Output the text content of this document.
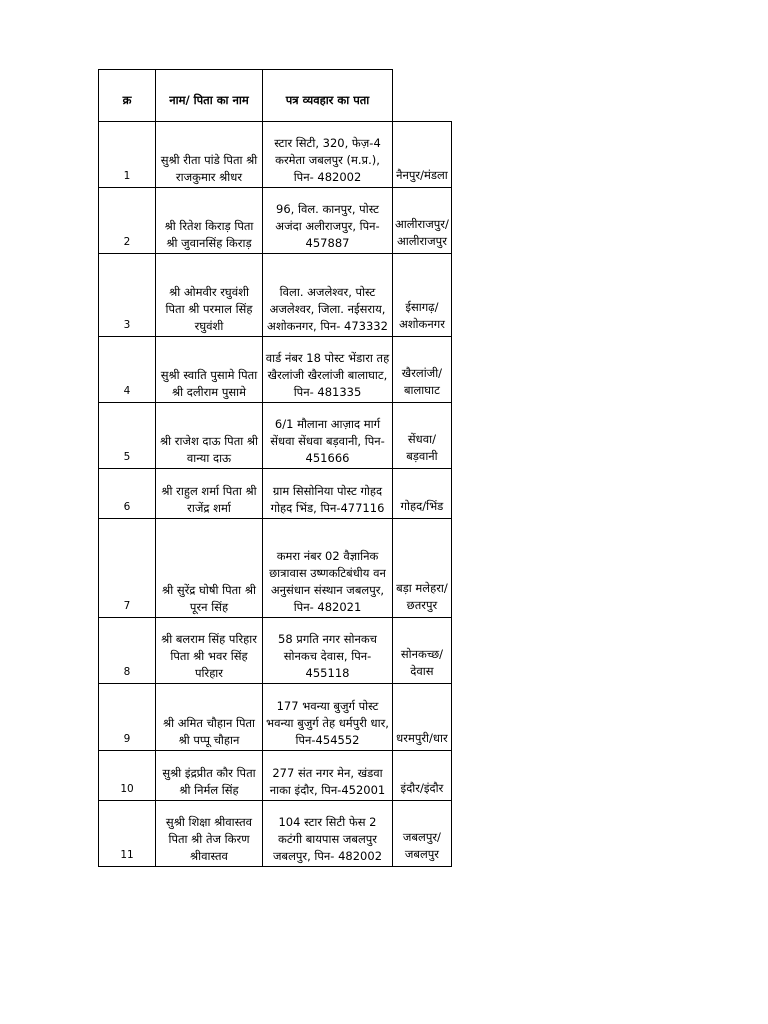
क्र	नाम/ पिता का नाम	पत्र व्यवहार का पता	
1	सुश्री रीता पांडे पिता श्री राजकुमार श्रीधर	स्टार सिटी, 320, फेज़-4 करमेता जबलपुर (म.प्र.), पिन- 482002	नैनपुर/मंडला
2	श्री रितेश किराड़ पिता श्री जुवानसिंह किराड़	96, विल. कानपुर, पोस्ट अजंदा अलीराजपुर, पिन- 457887	आलीराजपुर/आलीराजपुर
3	श्री ओमवीर रघुवंशी पिता श्री परमाल सिंह रघुवंशी	विला. अजलेश्वर, पोस्ट अजलेश्वर, जिला. नईसराय, अशोकनगर, पिन- 473332	ईसागढ़/ अशोकनगर
4	सुश्री स्वाति पुसामे पिता श्री दलीराम पुसामे	वार्ड नंबर 18 पोस्ट भेंडारा तह खैरलांजी खैरलांजी बालाघाट, पिन- 481335	खैरलांजी/ बालाघाट
5	श्री राजेश दाऊ पिता श्री वान्या दाऊ	6/1 मौलाना आज़ाद मार्ग सेंधवा सेंधवा बड़वानी, पिन- 451666	सेंधवा/ बड़वानी
6	श्री राहुल शर्मा पिता श्री राजेंद्र शर्मा	ग्राम सिसोनिया पोस्ट गोहद गोहद भिंड, पिन-477116	गोहद/भिंड
7	श्री सुरेंद्र घोषी पिता श्री पूरन सिंह	कमरा नंबर 02 वैज्ञानिक छात्रावास उष्णकटिबंधीय वन अनुसंधान संस्थान जबलपुर, पिन- 482021	बड़ा मलेहरा/ छतरपुर
8	श्री बलराम सिंह परिहार पिता श्री भवर सिंह परिहार	58 प्रगति नगर सोनकच सोनकच देवास, पिन- 455118	सोनकच्छ/ देवास
9	श्री अमित चौहान पिता श्री पप्पू चौहान	177 भवन्या बुजुर्ग पोस्ट भवन्या बुजुर्ग तेह धर्मपुरी धार, पिन-454552	धरमपुरी/धार
10	सुश्री इंद्रप्रीत कौर पिता श्री निर्मल सिंह	277 संत नगर मेन, खंडवा नाका इंदौर, पिन-452001	इंदौर/इंदौर
11	सुश्री शिक्षा श्रीवास्तव पिता श्री तेज किरण श्रीवास्तव	104 स्टार सिटी फेस 2 कटंगी बायपास जबलपुर जबलपुर, पिन- 482002	जबलपुर/ जबलपुर
